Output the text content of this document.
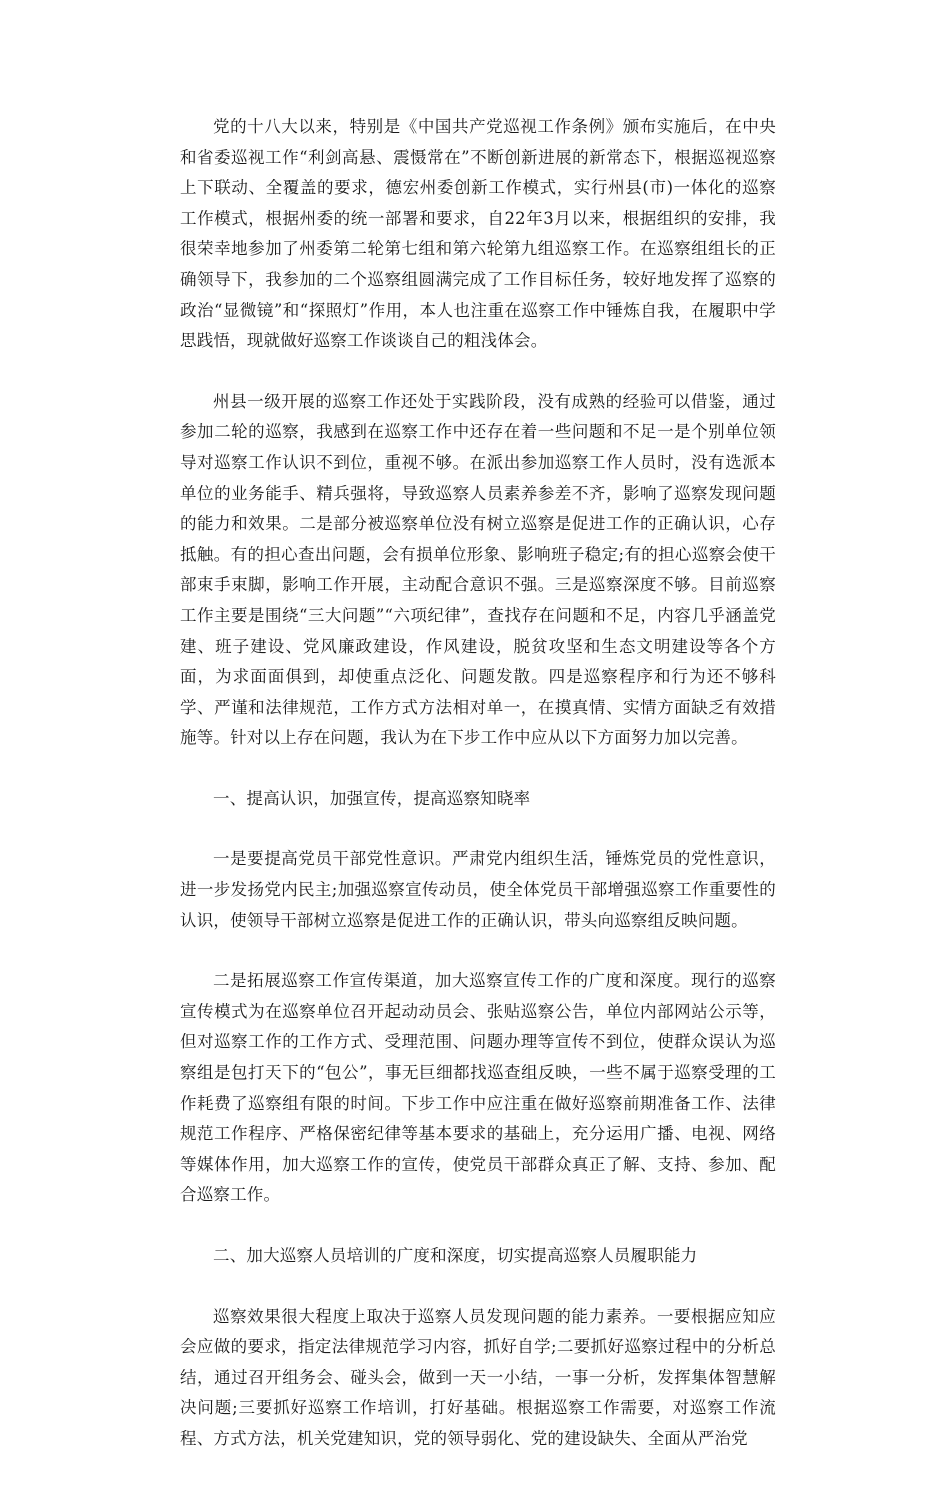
党的十八大以来，特别是《中国共产党巡视工作条例》颁布实施后，在中央和省委巡视工作“利剑高悬、震慑常在”不断创新进展的新常态下，根据巡视巡察上下联动、全覆盖的要求，德宏州委创新工作模式，实行州县(市)一体化的巡察工作模式，根据州委的统一部署和要求，自22年3月以来，根据组织的安排，我很荣幸地参加了州委第二轮第七组和第六轮第九组巡察工作。在巡察组组长的正确领导下，我参加的二个巡察组圆满完成了工作目标任务，较好地发挥了巡察的政治“显微镜”和“探照灯”作用，本人也注重在巡察工作中锤炼自我，在履职中学思践悟，现就做好巡察工作谈谈自己的粗浅体会。

州县一级开展的巡察工作还处于实践阶段，没有成熟的经验可以借鉴，通过参加二轮的巡察，我感到在巡察工作中还存在着一些问题和不足一是个别单位领导对巡察工作认识不到位，重视不够。在派出参加巡察工作人员时，没有选派本单位的业务能手、精兵强将，导致巡察人员素养参差不齐，影响了巡察发现问题的能力和效果。二是部分被巡察单位没有树立巡察是促进工作的正确认识，心存抵触。有的担心查出问题，会有损单位形象、影响班子稳定;有的担心巡察会使干部束手束脚，影响工作开展，主动配合意识不强。三是巡察深度不够。目前巡察工作主要是围绕“三大问题”“六项纪律”，查找存在问题和不足，内容几乎涵盖党建、班子建设、党风廉政建设，作风建设，脱贫攻坚和生态文明建设等各个方面，为求面面俱到，却使重点泛化、问题发散。四是巡察程序和行为还不够科学、严谨和法律规范，工作方式方法相对单一，在摸真情、实情方面缺乏有效措施等。针对以上存在问题，我认为在下步工作中应从以下方面努力加以完善。

一、提高认识，加强宣传，提高巡察知晓率

一是要提高党员干部党性意识。严肃党内组织生活，锤炼党员的党性意识，进一步发扬党内民主;加强巡察宣传动员，使全体党员干部增强巡察工作重要性的认识，使领导干部树立巡察是促进工作的正确认识，带头向巡察组反映问题。

二是拓展巡察工作宣传渠道，加大巡察宣传工作的广度和深度。现行的巡察宣传模式为在巡察单位召开起动动员会、张贴巡察公告，单位内部网站公示等，但对巡察工作的工作方式、受理范围、问题办理等宣传不到位，使群众误认为巡察组是包打天下的“包公”，事无巨细都找巡查组反映，一些不属于巡察受理的工作耗费了巡察组有限的时间。下步工作中应注重在做好巡察前期准备工作、法律规范工作程序、严格保密纪律等基本要求的基础上，充分运用广播、电视、网络等媒体作用，加大巡察工作的宣传，使党员干部群众真正了解、支持、参加、配合巡察工作。

二、加大巡察人员培训的广度和深度，切实提高巡察人员履职能力

巡察效果很大程度上取决于巡察人员发现问题的能力素养。一要根据应知应会应做的要求，指定法律规范学习内容，抓好自学;二要抓好巡察过程中的分析总结，通过召开组务会、碰头会，做到一天一小结，一事一分析，发挥集体智慧解决问题;三要抓好巡察工作培训，打好基础。根据巡察工作需要，对巡察工作流程、方式方法，机关党建知识，党的领导弱化、党的建设缺失、全面从严治党
